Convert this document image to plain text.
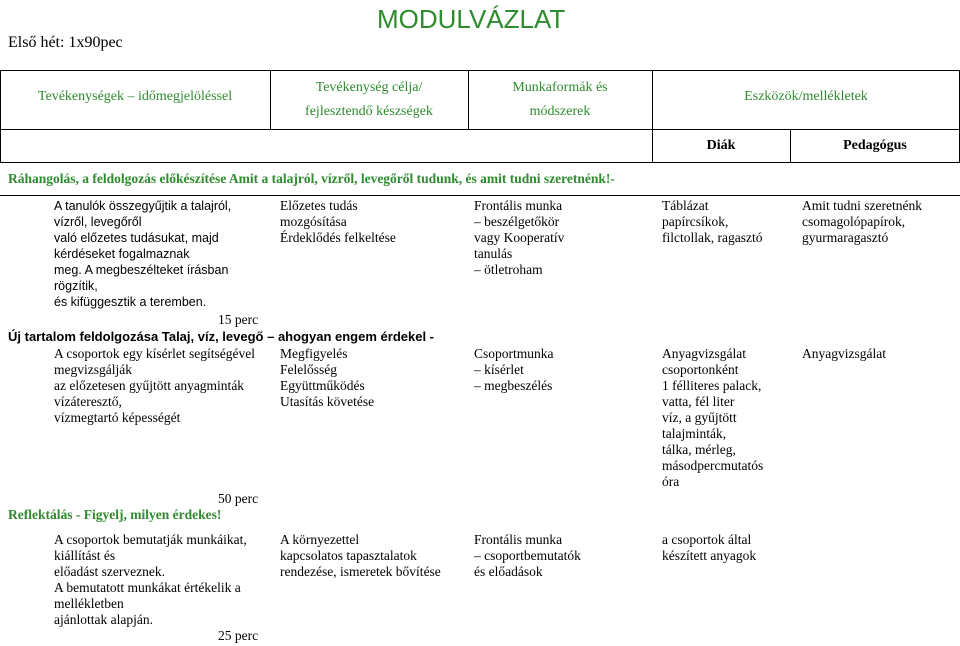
Első hét: 1x90pec
MODULVÁZLAT
Tevékenységek – időmegjelöléssel
Tevékenység célja/
fejlesztendő készségek
Munkaformák és
módszerek
Eszközök/mellékletek
Diák	Pedagógus
Ráhangolás, a feldolgozás előkészítése Amit a talajról, vízről, levegőről tudunk, és amit tudni szeretnénk!-
A tanulók összegyűjtik a talajról,
vízről, levegőről
való előzetes tudásukat, majd
kérdéseket fogalmaznak
meg. A megbeszélteket írásban
rögzítik,
és kifüggesztik a teremben.
15 perc
Előzetes tudás
mozgósítása
Érdeklődés felkeltése
Frontális munka
– beszélgetőkör
vagy Kooperatív
tanulás
– ötletroham
Táblázat
papírcsíkok,
filctollak, ragasztó
Amit tudni szeretnénk
csomagolópapírok,
gyurmaragasztó
Új tartalom feldolgozása Talaj, víz, levegő – ahogyan engem érdekel -
A csoportok egy kísérlet segítségével
megvizsgálják
az előzetesen gyűjtött anyagminták
vízáteresztő,
vízmegtartó képességét
50 perc
Megfigyelés
Felelősség
Együttműködés
Utasítás követése
Csoportmunka
– kísérlet
– megbeszélés
Anyagvizsgálat
csoportonként
1 félliteres palack,
vatta, fél liter
víz, a gyűjtött
talajminták,
tálka, mérleg,
másodpercmutatós
óra
Anyagvizsgálat
Reflektálás - Figyelj, milyen érdekes!
A csoportok bemutatják munkáikat,
kiállítást és
előadást szerveznek.
A bemutatott munkákat értékelik a
mellékletben
ajánlottak alapján.
25 perc
A környezettel
kapcsolatos tapasztalatok
rendezése, ismeretek bővítése
Frontális munka
– csoportbemutatók
és előadások
a csoportok által
készített anyagok
